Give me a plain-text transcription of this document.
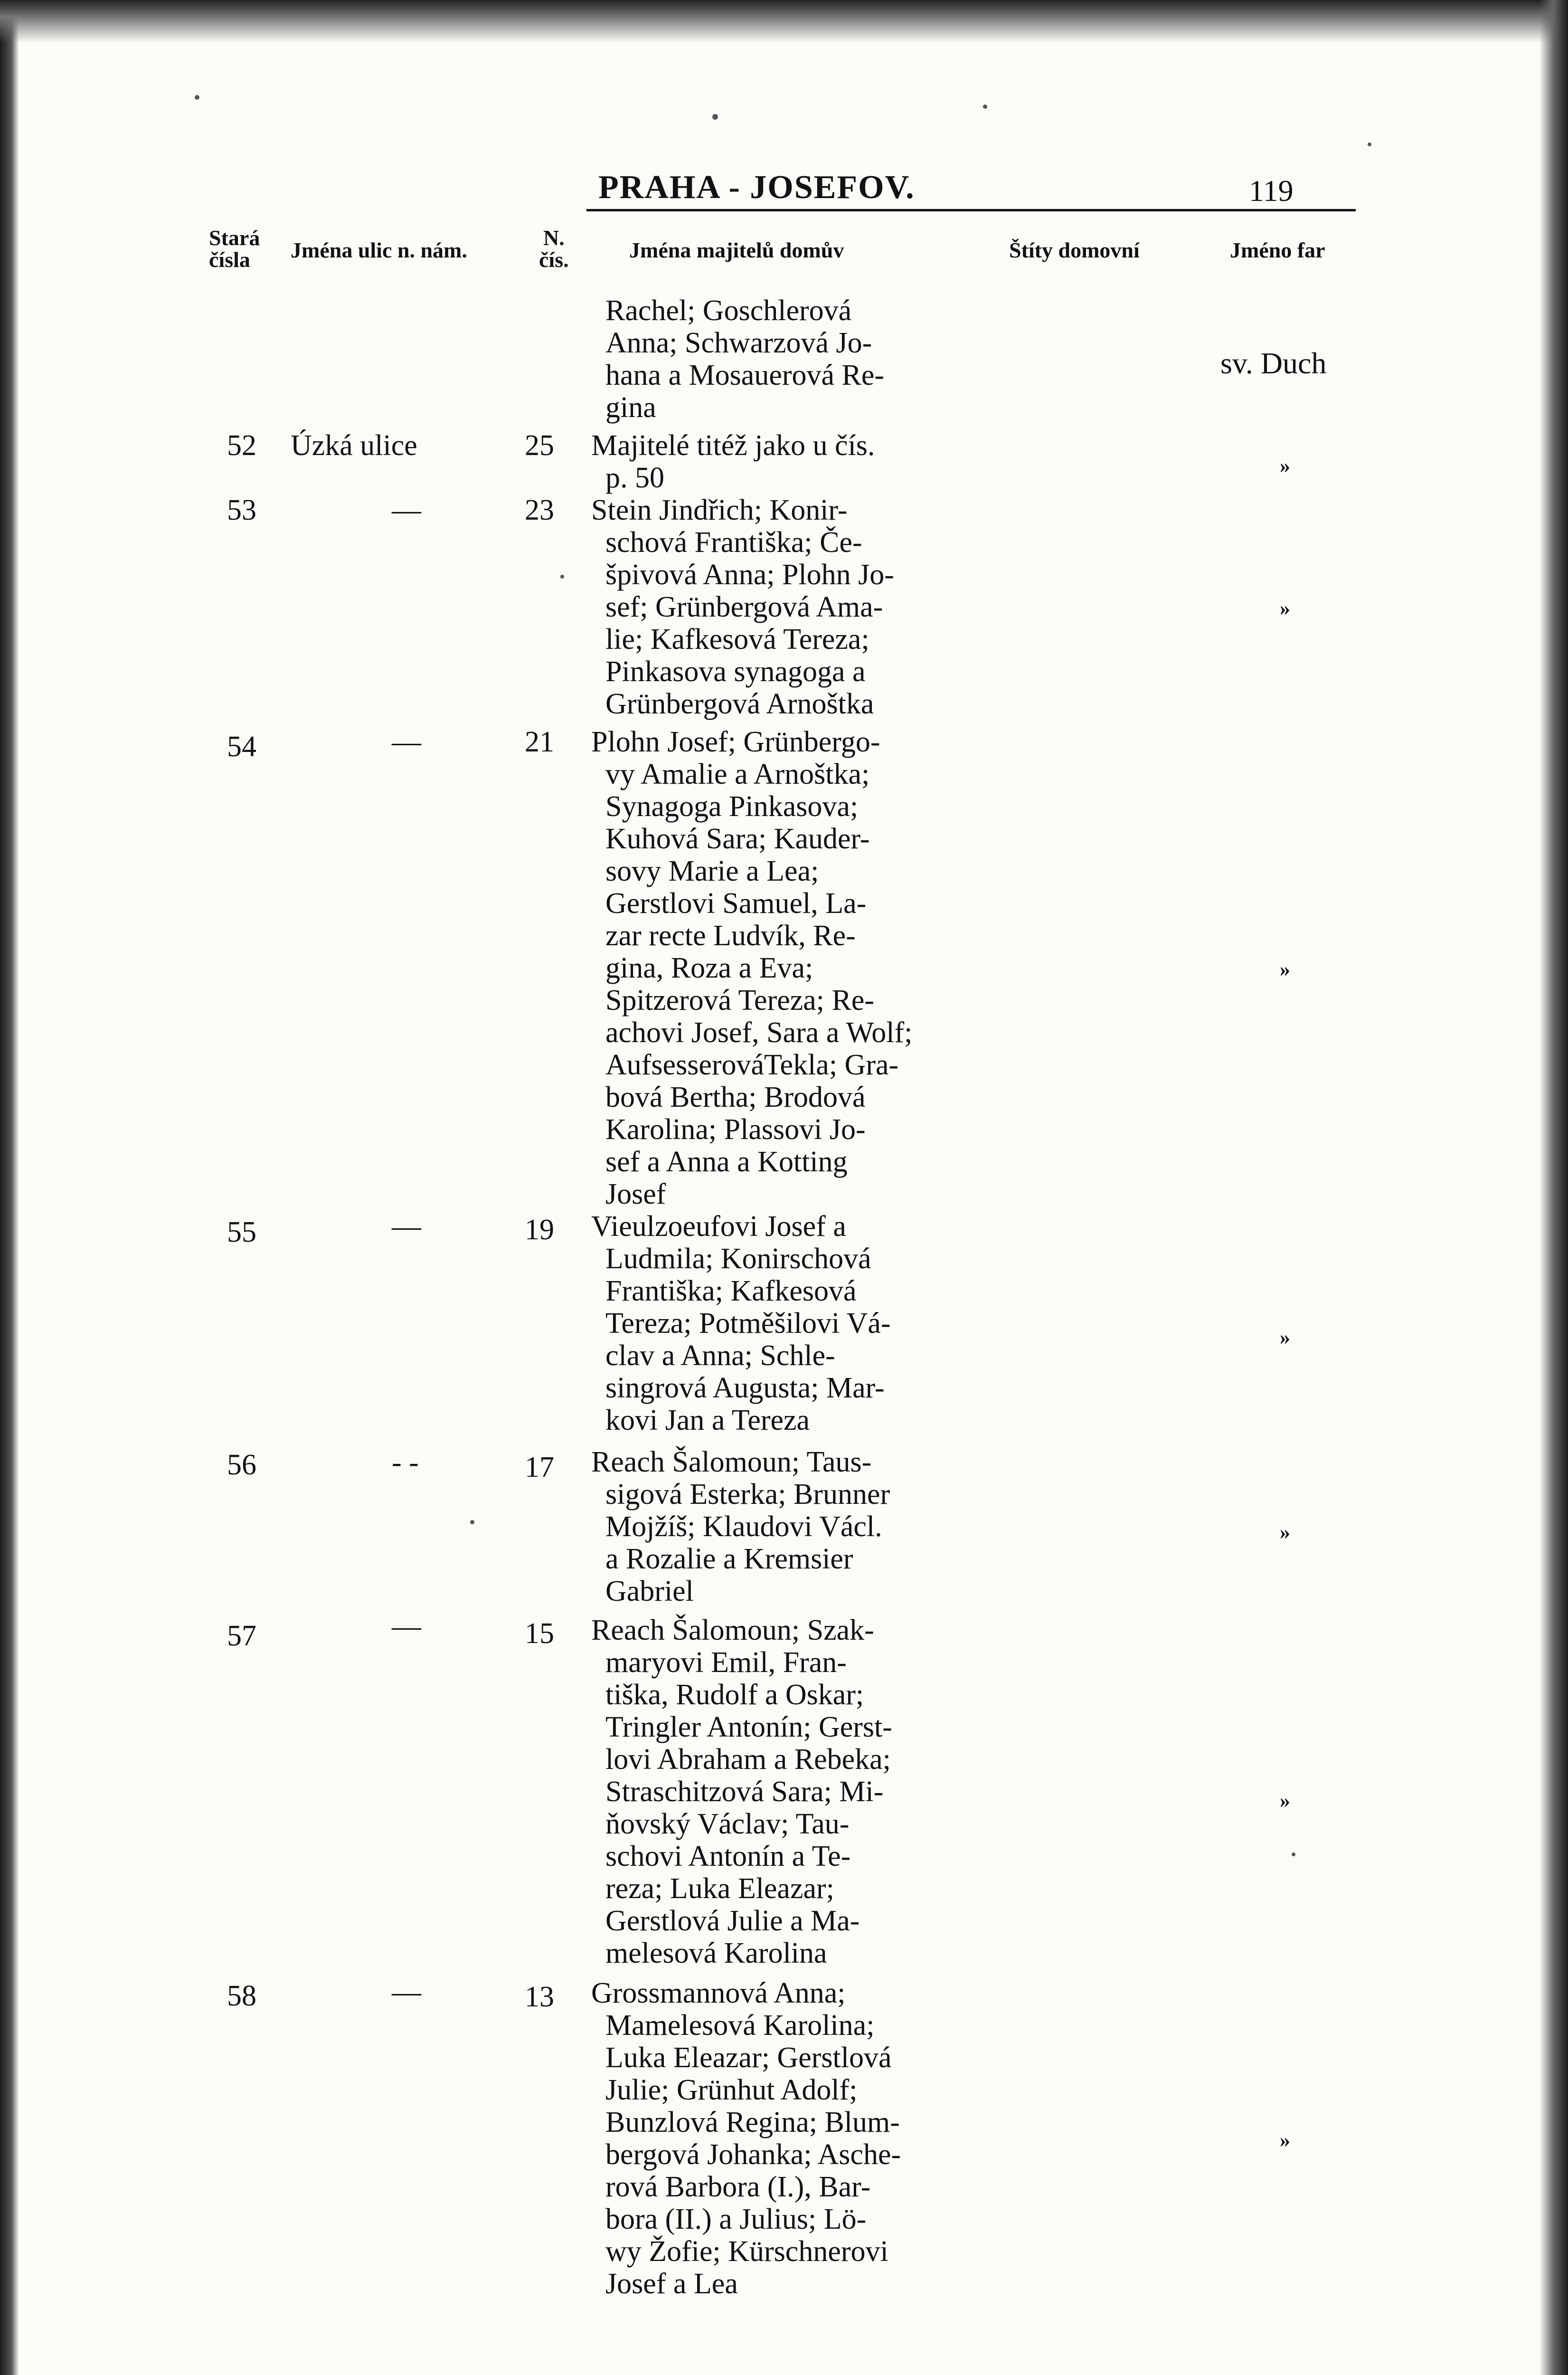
PRAHA - JOSEFOV.	119
Stará
čísla	Jména ulic n. nám.
N.
čís.	Jména majitelů domův	Štíty domovní	Jméno far
sv. Duch
Rachel; Goschlerová
Anna; Schwarzová Jo-
hana a Mosauerová Re-
gina
52	Úzká ulice	25	Majitelé titéž jako u čís.
p. 50	»
53	—	23	Stein Jindřich; Konir-
schová Františka; Če-
špivová Anna; Plohn Jo-
sef; Grünbergová Ama-
lie; Kafkesová Tereza;
Pinkasova synagoga a
Grünbergová Arnoštka
»
54	—	21	Plohn Josef; Grünbergo-
vy Amalie a Arnoštka;
Synagoga Pinkasova;
Kuhová Sara; Kauder-
sovy Marie a Lea;
Gerstlovi Samuel, La-
zar recte Ludvík, Re-
gina, Roza a Eva;
Spitzerová Tereza; Re-
achovi Josef, Sara a Wolf;
AufsesserováTekla; Gra-
bová Bertha; Brodová
Karolina; Plassovi Jo-
sef a Anna a Kotting
Josef
»
55	—	19	Vieulzoeufovi Josef a
Ludmila; Konirschová
Františka; Kafkesová
Tereza; Potměšilovi Vá-
clav a Anna; Schle-
singrová Augusta; Mar-
kovi Jan a Tereza
»
56	- -	17	Reach Šalomoun; Taus-
sigová Esterka; Brunner
Mojžíš; Klaudovi Václ.
a Rozalie a Kremsier
Gabriel
»
57	—	15	Reach Šalomoun; Szak-
maryovi Emil, Fran-
tiška, Rudolf a Oskar;
Tringler Antonín; Gerst-
lovi Abraham a Rebeka;
Straschitzová Sara; Mi-
ňovský Václav; Tau-
schovi Antonín a Te-
reza; Luka Eleazar;
Gerstlová Julie a Ma-
melesová Karolina
»
58	—	13	Grossmannová Anna;
Mamelesová Karolina;
Luka Eleazar; Gerstlová
Julie; Grünhut Adolf;
Bunzlová Regina; Blum-
bergová Johanka; Asche-
rová Barbora (I.), Bar-
bora (II.) a Julius; Lö-
wy Žofie; Kürschnerovi
Josef a Lea
»
